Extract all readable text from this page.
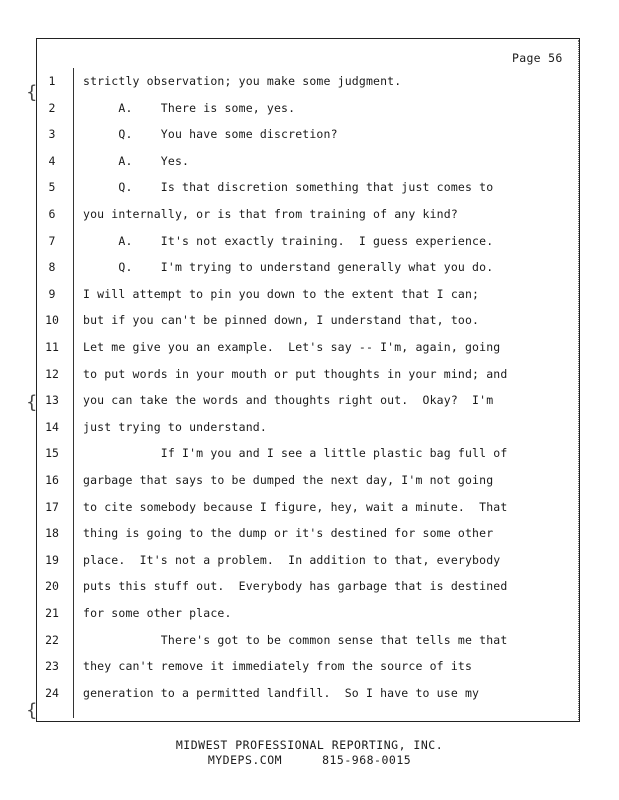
{
{
{
Page 56
1	strictly observation; you make some judgment.
2	A.    There is some, yes.
3	Q.    You have some discretion?
4	A.    Yes.
5	Q.    Is that discretion something that just comes to
6	you internally, or is that from training of any kind?
7	A.    It's not exactly training.  I guess experience.
8	Q.    I'm trying to understand generally what you do.
9	I will attempt to pin you down to the extent that I can;
10 but if you can't be pinned down, I understand that, too.
11 Let me give you an example.  Let's say -- I'm, again, going
12 to put words in your mouth or put thoughts in your mind; and
13 you can take the words and thoughts right out.  Okay?  I'm
14 just trying to understand.
15 If I'm you and I see a little plastic bag full of
16 garbage that says to be dumped the next day, I'm not going
17 to cite somebody because I figure, hey, wait a minute.  That
18 thing is going to the dump or it's destined for some other
19 place.  It's not a problem.  In addition to that, everybody
20 puts this stuff out.  Everybody has garbage that is destined
21 for some other place.
22 There's got to be common sense that tells me that
23 they can't remove it immediately from the source of its
24 generation to a permitted landfill.  So I have to use my
MIDWEST PROFESSIONAL REPORTING, INC.
MYDEPS.COM	815-968-0015
